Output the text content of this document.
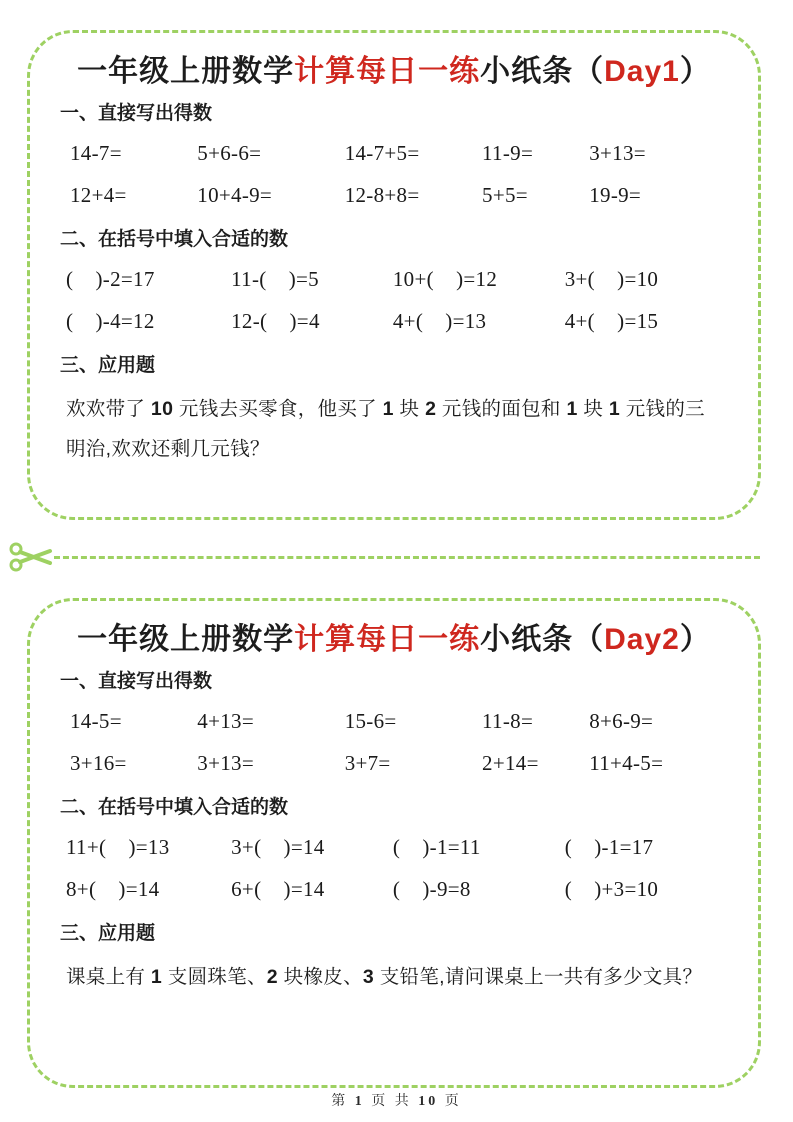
一年级上册数学计算每日一练小纸条（Day1）
一、直接写出得数
14-7=	5+6-6=	14-7+5=	11-9=	3+13=
12+4=	10+4-9=	12-8+8=	5+5=	19-9=
二、在括号中填入合适的数
(    )-2=17	11-(    )=5	10+(    )=12	3+(    )=10
(    )-4=12	12-(    )=4	4+(    )=13	4+(    )=15
三、应用题
欢欢带了 10 元钱去买零食，他买了 1 块 2 元钱的面包和 1 块 1 元钱的三明治,欢欢还剩几元钱？
一年级上册数学计算每日一练小纸条（Day2）
一、直接写出得数
14-5=	4+13=	15-6=	11-8=	8+6-9=
3+16=	3+13=	3+7=	2+14=	11+4-5=
二、在括号中填入合适的数
11+(    )=13	3+(    )=14	(    )-1=11	(    )-1=17
8+(    )=14	6+(    )=14	(    )-9=8	(    )+3=10
三、应用题
课桌上有 1 支圆珠笔、2 块橡皮、3 支铅笔,请问课桌上一共有多少文具？
第 1 页 共 10 页
